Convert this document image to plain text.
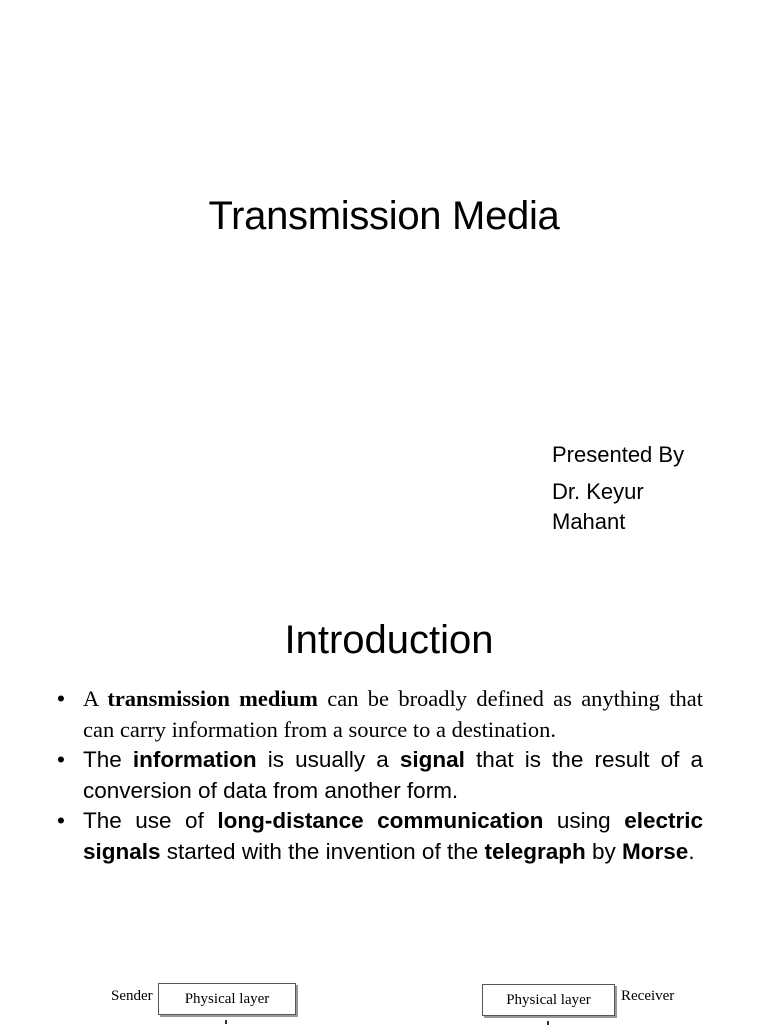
Transmission Media
Presented By
Dr. Keyur
Mahant
Introduction
• A transmission medium can be broadly defined as anything that can carry information from a source to a destination.
• The information is usually a signal that is the result of a conversion of data from another form.
• The use of long-distance communication using electric signals started with the invention of the telegraph by Morse.
Sender	Physical layer	Physical layer	Receiver
